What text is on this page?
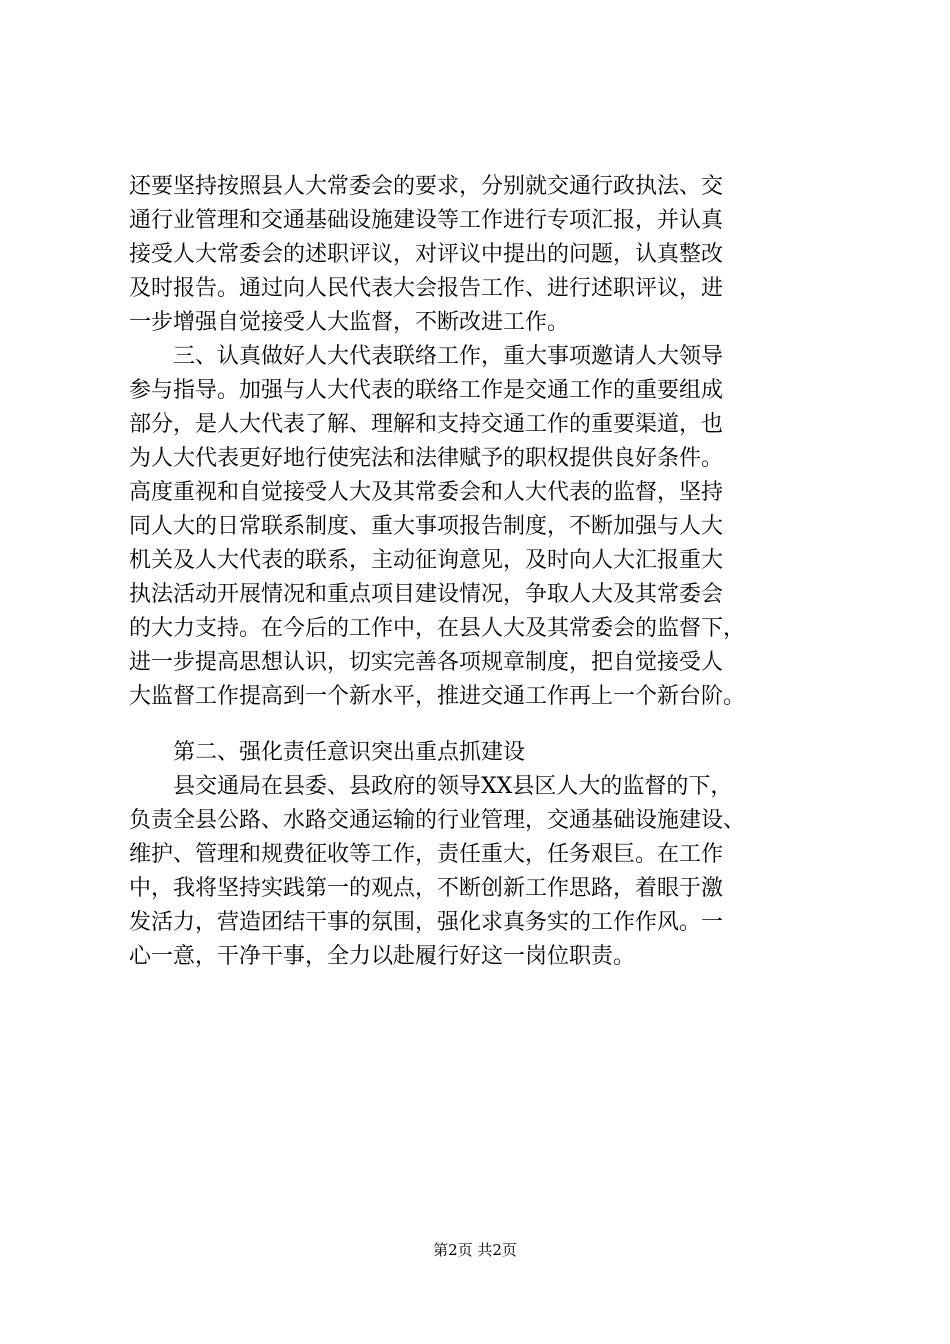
还要坚持按照县人大常委会的要求，分别就交通行政执法、交
通行业管理和交通基础设施建设等工作进行专项汇报，并认真
接受人大常委会的述职评议，对评议中提出的问题，认真整改
及时报告。通过向人民代表大会报告工作、进行述职评议，进
一步增强自觉接受人大监督，不断改进工作。
　　三、认真做好人大代表联络工作，重大事项邀请人大领导
参与指导。加强与人大代表的联络工作是交通工作的重要组成
部分，是人大代表了解、理解和支持交通工作的重要渠道，也
为人大代表更好地行使宪法和法律赋予的职权提供良好条件。
高度重视和自觉接受人大及其常委会和人大代表的监督，坚持
同人大的日常联系制度、重大事项报告制度，不断加强与人大
机关及人大代表的联系，主动征询意见，及时向人大汇报重大
执法活动开展情况和重点项目建设情况，争取人大及其常委会
的大力支持。在今后的工作中，在县人大及其常委会的监督下，
进一步提高思想认识，切实完善各项规章制度，把自觉接受人
大监督工作提高到一个新水平，推进交通工作再上一个新台阶。
　　第二、强化责任意识突出重点抓建设
　　县交通局在县委、县政府的领导XX县区人大的监督的下，
负责全县公路、水路交通运输的行业管理，交通基础设施建设、
维护、管理和规费征收等工作，责任重大，任务艰巨。在工作
中，我将坚持实践第一的观点，不断创新工作思路，着眼于激
发活力，营造团结干事的氛围，强化求真务实的工作作风。一
心一意，干净干事，全力以赴履行好这一岗位职责。
第2页 共2页
